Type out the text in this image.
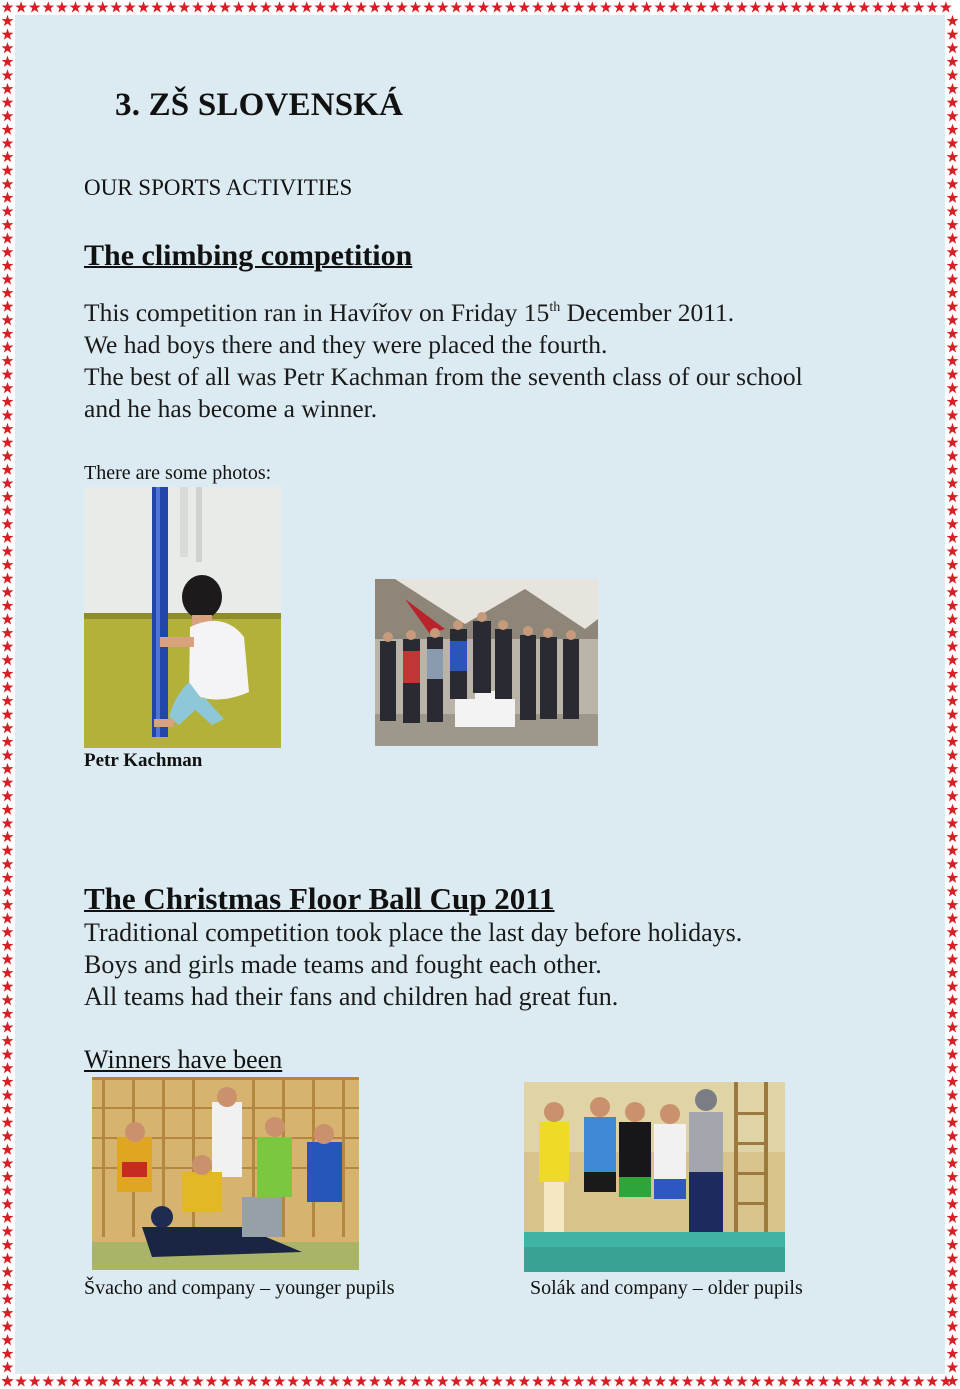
3. ZŠ SLOVENSKÁ
OUR SPORTS ACTIVITIES
The climbing competition
This competition ran in Havířov on Friday 15th December 2011.
We had boys there and they were placed the fourth.
The best of all was Petr Kachman from the seventh class of our school
and he has become a winner.
There are some photos:
Petr Kachman
The Christmas Floor Ball Cup 2011
Traditional competition took place the last day before holidays.
Boys and girls made teams and fought each other.
All teams had their fans and children had great fun.
Winners have been
Švacho and company – younger pupils	Solák and company – older pupils
